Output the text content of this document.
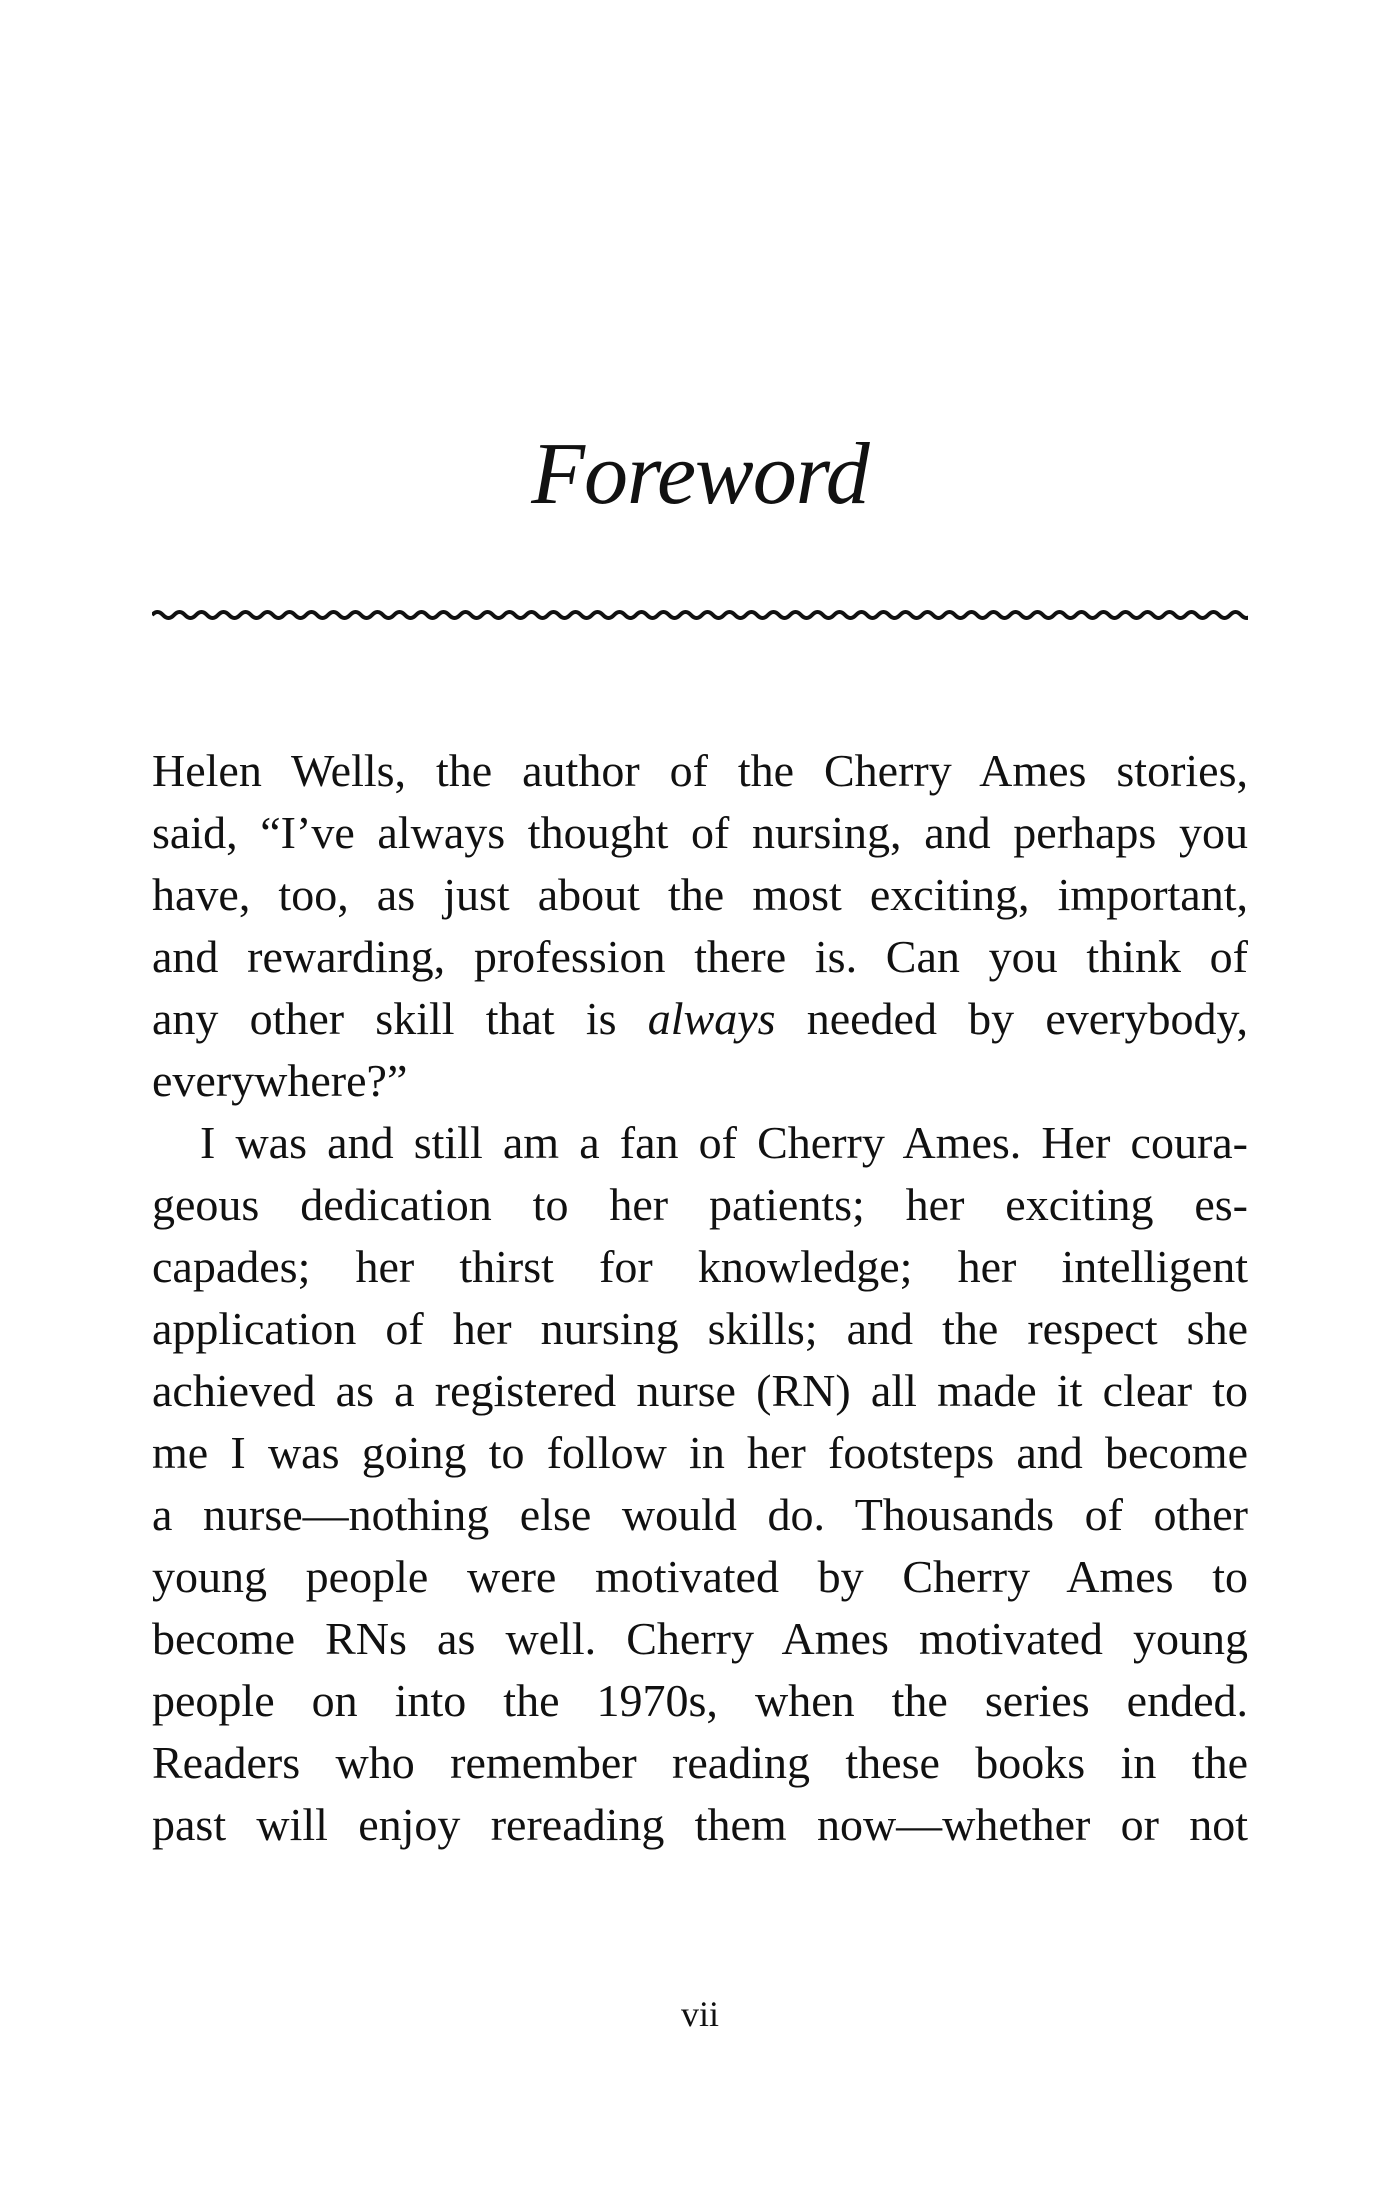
Foreword
Helen Wells, the author of the Cherry Ames stories,
said, “I’ve always thought of nursing, and perhaps you
have, too, as just about the most exciting, important,
and rewarding, profession there is. Can you think of
any other skill that is always needed by everybody,
everywhere?”
I was and still am a fan of Cherry Ames. Her coura-
geous dedication to her patients; her exciting es-
capades; her thirst for knowledge; her intelligent
application of her nursing skills; and the respect she
achieved as a registered nurse (RN) all made it clear to
me I was going to follow in her footsteps and become
a nurse—nothing else would do. Thousands of other
young people were motivated by Cherry Ames to
become RNs as well. Cherry Ames motivated young
people on into the 1970s, when the series ended.
Readers who remember reading these books in the
past will enjoy rereading them now—whether or not
vii
